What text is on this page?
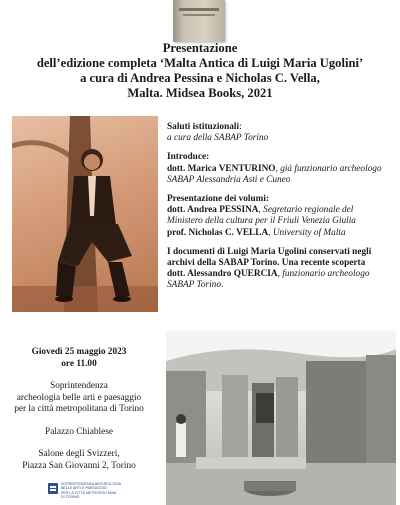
Presentazione
dell’edizione completa ‘Malta Antica di Luigi Maria Ugolini’
a cura di Andrea Pessina e Nicholas C. Vella,
Malta. Midsea Books, 2021
Saluti istituzionali:
a cura della SABAP Torino
Introduce:
dott. Marica VENTURINO, già funzionario archeologo
SABAP Alessandria Asti e Cuneo
Presentazione dei volumi:
dott. Andrea PESSINA, Segretario regionale del
Ministero della cultura per il Friuli Venezia Giulia
prof. Nicholas C. VELLA, University of Malta
I documenti di Luigi Maria Ugolini conservati negli
archivi della SABAP Torino. Una recente scoperta
dott. Alessandro QUERCIA, funzionario archeologo
SABAP Torino.
Giovedì 25 maggio 2023
ore 11.00
Soprintendenza
archeologia belle arti e paesaggio
per la città metropolitana di Torino
Palazzo Chiablese
Salone degli Svizzeri,
Piazza San Giovanni 2, Torino
SOPRINTENDENZA ARCHEOLOGIA
BELLE ARTI E PAESAGGIO
PER LA CITTÀ METROPOLITANA
DI TORINO
